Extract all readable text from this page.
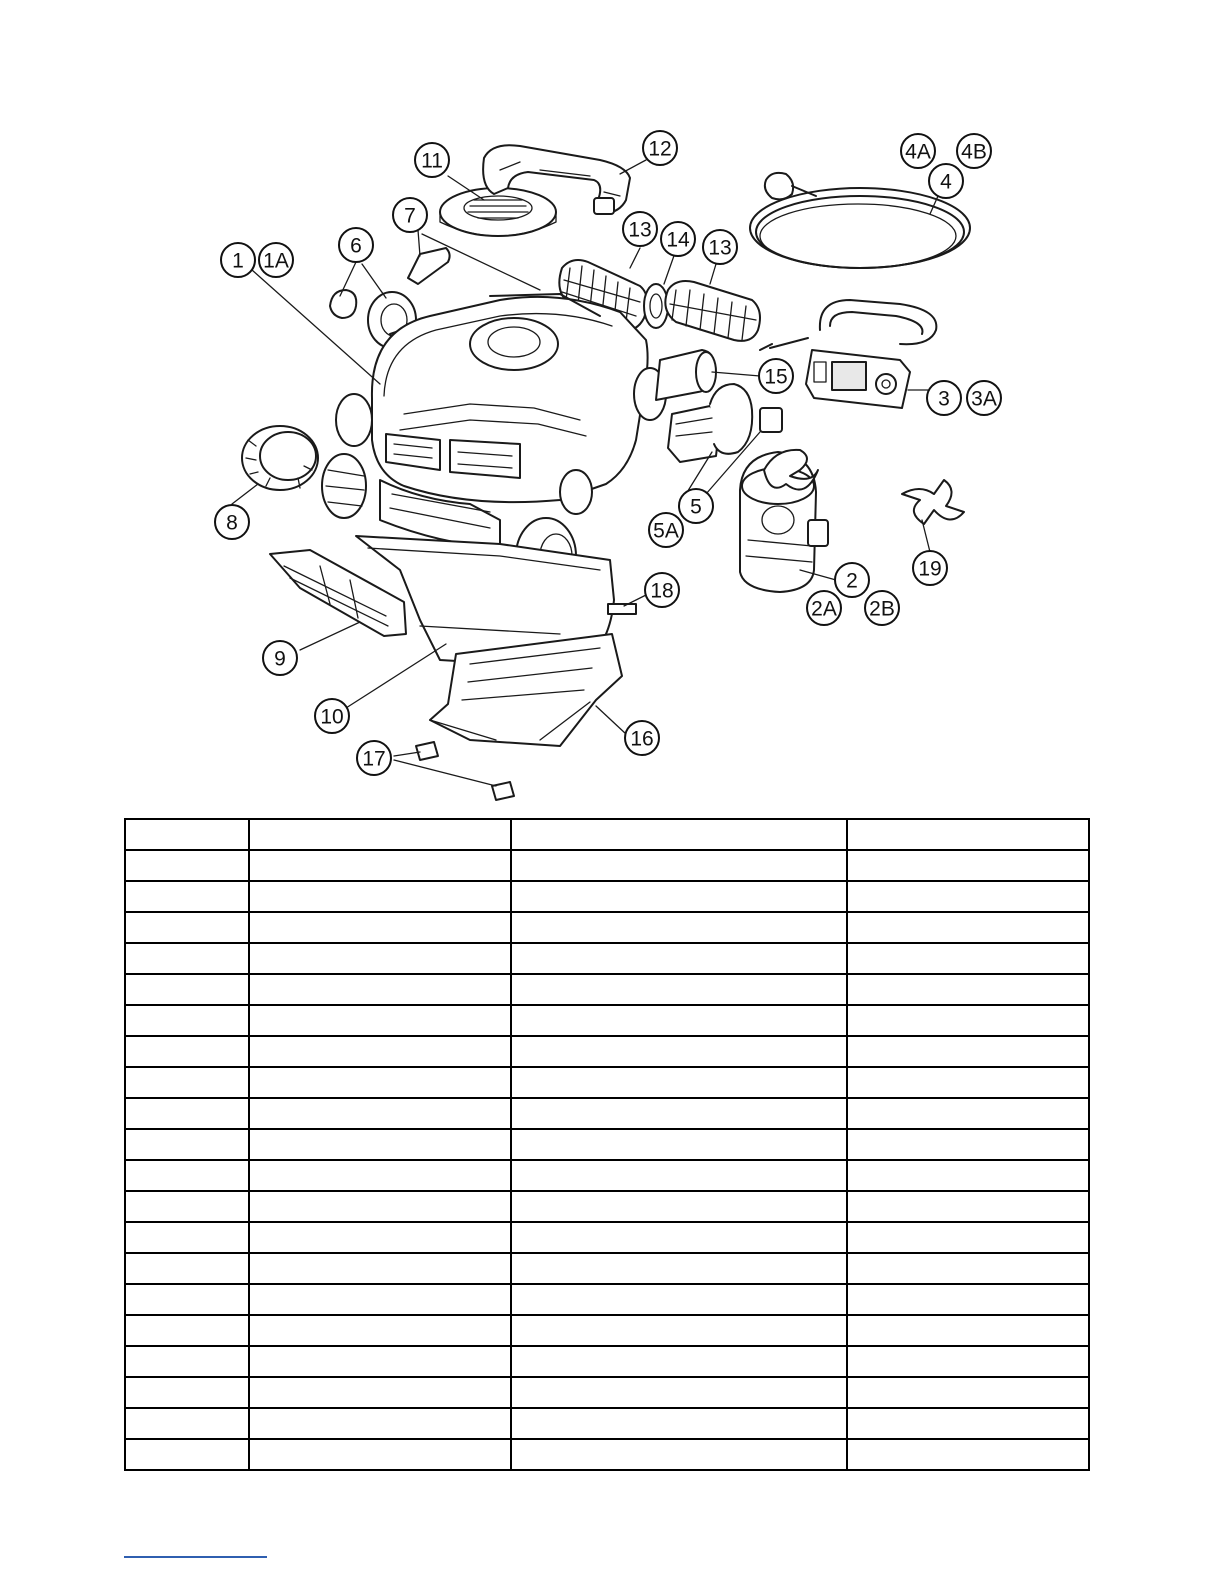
1 1A
2
2A 2B
3 3A
4
4A 4B
5
5A
6
7
8
9
10
11
12
13
13
14
15
16
17
18
19
